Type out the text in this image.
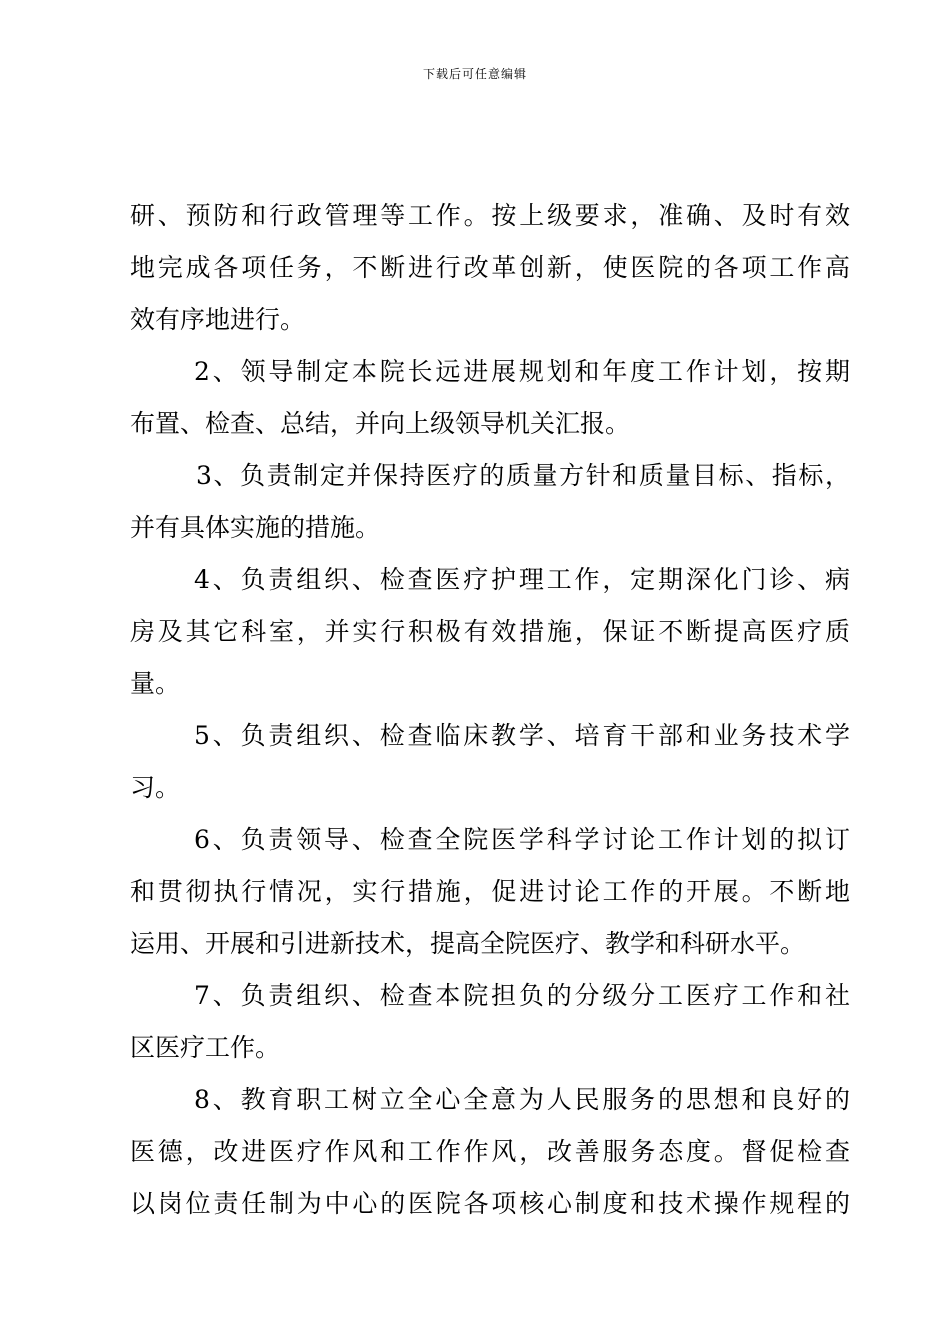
下载后可任意编辑
研、预防和行政管理等工作。按上级要求，准确、及时有效
地完成各项任务，不断进行改革创新，使医院的各项工作高
效有序地进行。
2、领导制定本院长远进展规划和年度工作计划，按期
布置、检查、总结，并向上级领导机关汇报。
3、负责制定并保持医疗的质量方针和质量目标、指标，
并有具体实施的措施。
4、负责组织、检查医疗护理工作，定期深化门诊、病
房及其它科室，并实行积极有效措施，保证不断提高医疗质
量。
5、负责组织、检查临床教学、培育干部和业务技术学
习。
6、负责领导、检查全院医学科学讨论工作计划的拟订
和贯彻执行情况，实行措施，促进讨论工作的开展。不断地
运用、开展和引进新技术，提高全院医疗、教学和科研水平。
7、负责组织、检查本院担负的分级分工医疗工作和社
区医疗工作。
8、教育职工树立全心全意为人民服务的思想和良好的
医德，改进医疗作风和工作作风，改善服务态度。督促检查
以岗位责任制为中心的医院各项核心制度和技术操作规程的
